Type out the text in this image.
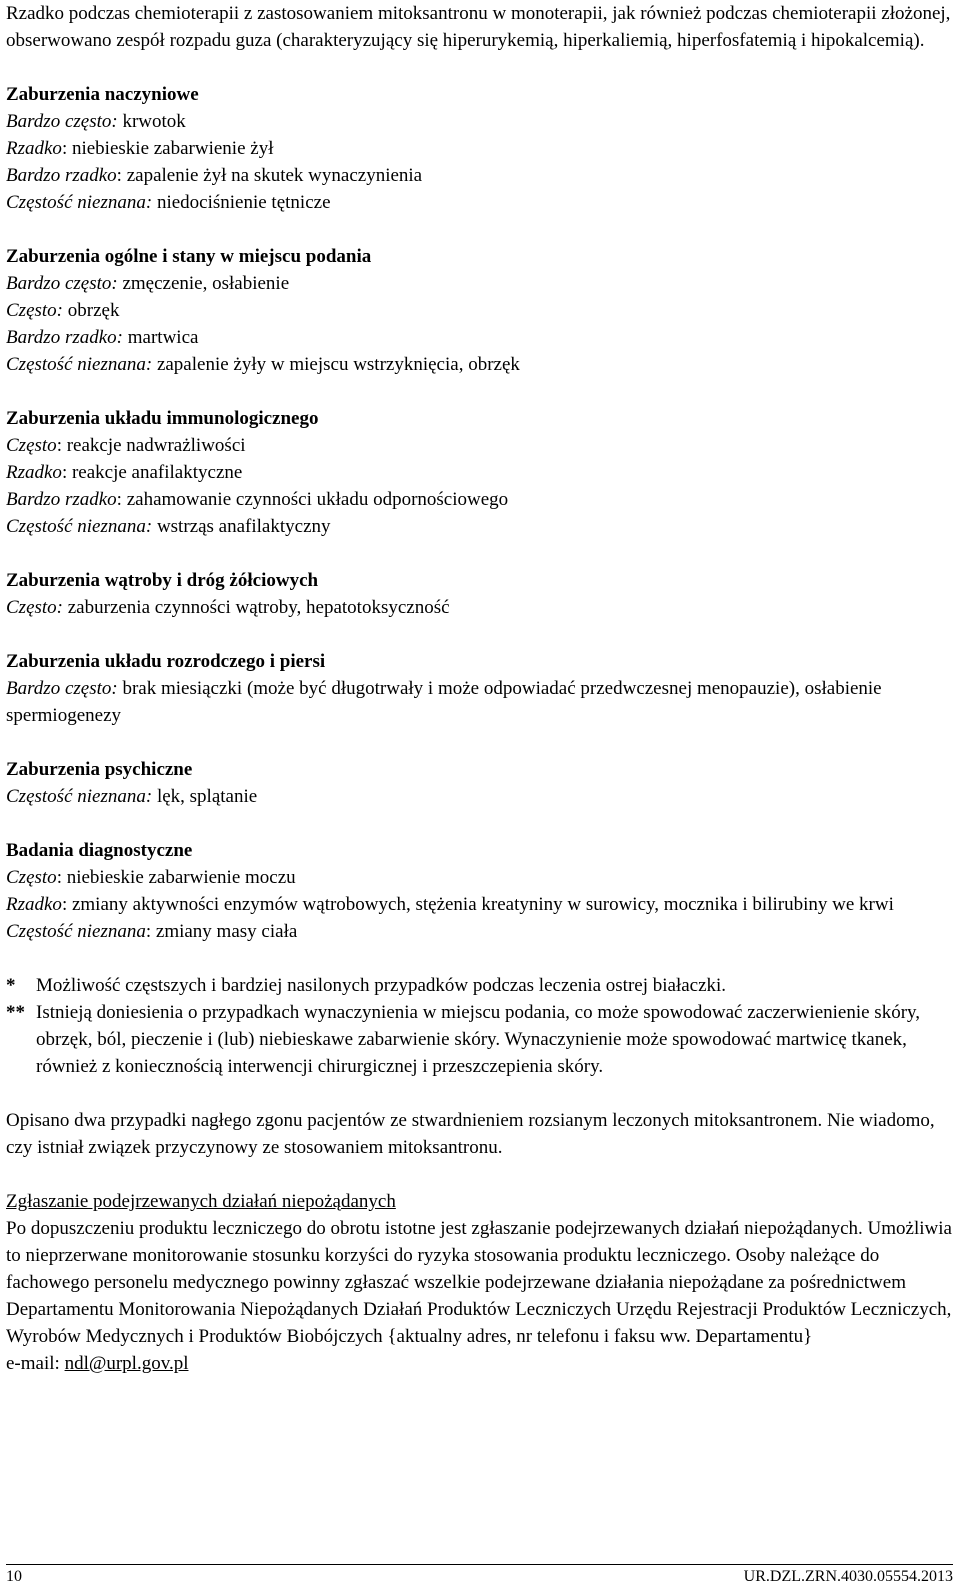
Rzadko podczas chemioterapii z zastosowaniem mitoksantronu w monoterapii, jak również podczas chemioterapii złożonej, obserwowano zespół rozpadu guza (charakteryzujący się hiperurykemią, hiperkaliemią, hiperfosfatemią i hipokalcemią).

Zaburzenia naczyniowe

Bardzo często: krwotok

Rzadko: niebieskie zabarwienie żył

Bardzo rzadko: zapalenie żył na skutek wynaczynienia

Częstość nieznana: niedociśnienie tętnicze

Zaburzenia ogólne i stany w miejscu podania

Bardzo często: zmęczenie, osłabienie

Często: obrzęk

Bardzo rzadko: martwica

Częstość nieznana: zapalenie żyły w miejscu wstrzyknięcia, obrzęk

Zaburzenia układu immunologicznego

Często: reakcje nadwrażliwości

Rzadko: reakcje anafilaktyczne

Bardzo rzadko: zahamowanie czynności układu odpornościowego

Częstość nieznana: wstrząs anafilaktyczny

Zaburzenia wątroby i dróg żółciowych

Często: zaburzenia czynności wątroby, hepatotoksyczność

Zaburzenia układu rozrodczego i piersi

Bardzo często: brak miesiączki (może być długotrwały i może odpowiadać przedwczesnej menopauzie), osłabienie spermiogenezy

Zaburzenia psychiczne

Częstość nieznana: lęk, splątanie

Badania diagnostyczne

Często: niebieskie zabarwienie moczu

Rzadko: zmiany aktywności enzymów wątrobowych, stężenia kreatyniny w surowicy, mocznika i bilirubiny we krwi

Częstość nieznana: zmiany masy ciała

*	Możliwość częstszych i bardziej nasilonych przypadków podczas leczenia ostrej białaczki.
** Istnieją doniesienia o przypadkach wynaczynienia w miejscu podania, co może spowodować zaczerwienienie skóry, obrzęk, ból, pieczenie i (lub) niebieskawe zabarwienie skóry. Wynaczynienie może spowodować martwicę tkanek, również z koniecznością interwencji chirurgicznej i przeszczepienia skóry.

Opisano dwa przypadki nagłego zgonu pacjentów ze stwardnieniem rozsianym leczonych mitoksantronem. Nie wiadomo, czy istniał związek przyczynowy ze stosowaniem mitoksantronu.

Zgłaszanie podejrzewanych działań niepożądanych

Po dopuszczeniu produktu leczniczego do obrotu istotne jest zgłaszanie podejrzewanych działań niepożądanych. Umożliwia to nieprzerwane monitorowanie stosunku korzyści do ryzyka stosowania produktu leczniczego. Osoby należące do fachowego personelu medycznego powinny zgłaszać wszelkie podejrzewane działania niepożądane za pośrednictwem Departamentu Monitorowania Niepożądanych Działań Produktów Leczniczych Urzędu Rejestracji Produktów Leczniczych, Wyrobów Medycznych i Produktów Biobójczych {aktualny adres, nr telefonu i faksu ww. Departamentu}

e-mail: ndl@urpl.gov.pl

10	UR.DZL.ZRN.4030.05554.2013
